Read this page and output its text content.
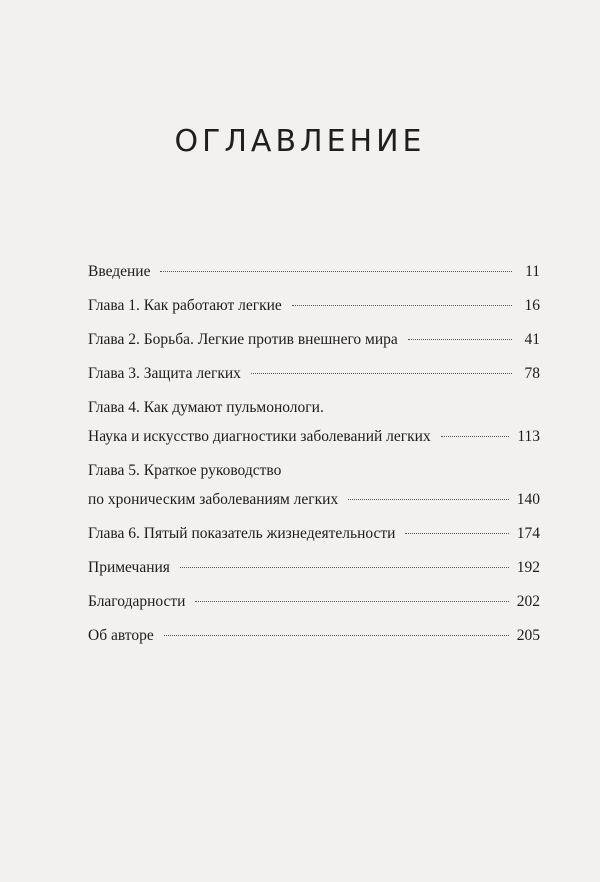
ОГЛАВЛЕНИЕ
Введение	11
Глава 1. Как работают легкие	16
Глава 2. Борьба. Легкие против внешнего мира	41
Глава 3. Защита легких	78
Глава 4. Как думают пульмонологи.
Наука и искусство диагностики заболеваний легких	113
Глава 5. Краткое руководство
по хроническим заболеваниям легких	140
Глава 6. Пятый показатель жизнедеятельности	174
Примечания	192
Благодарности	202
Об авторе	205
